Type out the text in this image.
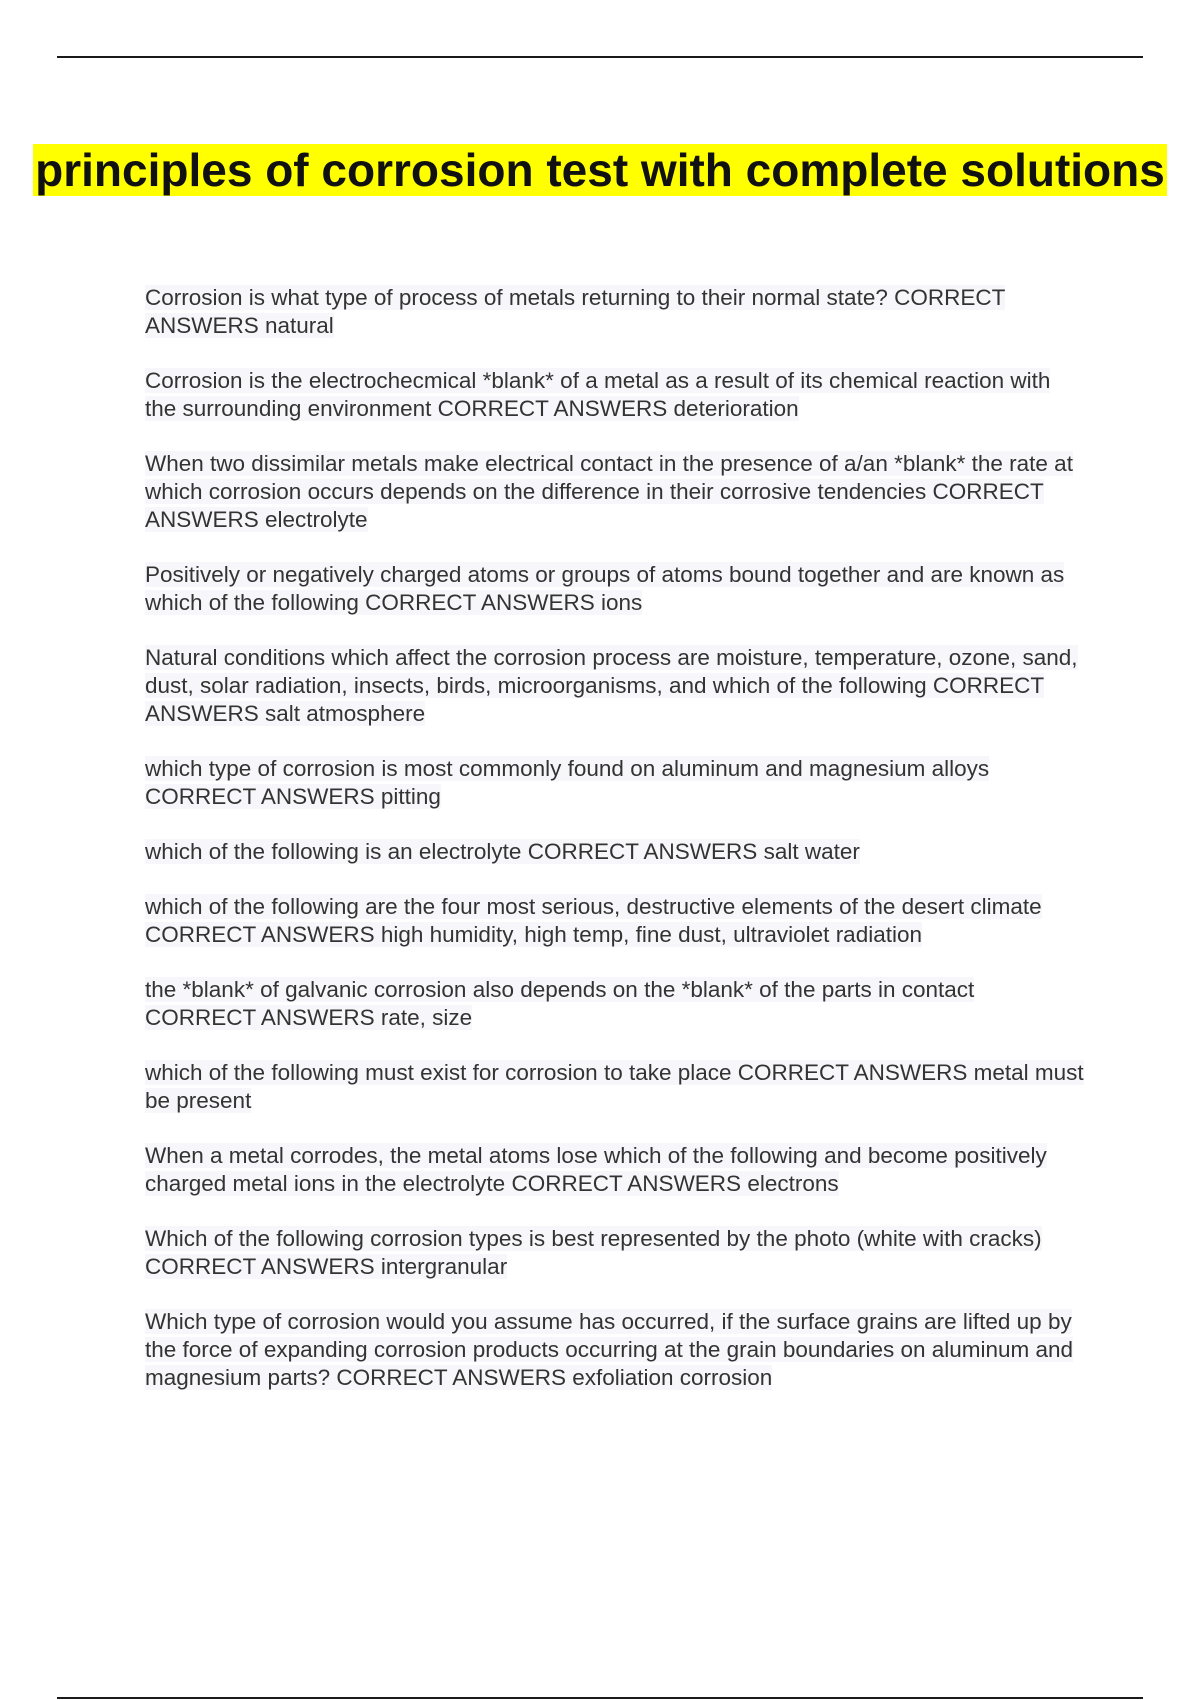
principles of corrosion test with complete solutions
Corrosion is what type of process of metals returning to their normal state? CORRECT ANSWERS natural
Corrosion is the electrochecmical *blank* of a metal as a result of its chemical reaction with the surrounding environment CORRECT ANSWERS deterioration
When two dissimilar metals make electrical contact in the presence of a/an *blank* the rate at which corrosion occurs depends on the difference in their corrosive tendencies CORRECT ANSWERS electrolyte
Positively or negatively charged atoms or groups of atoms bound together and are known as which of the following CORRECT ANSWERS ions
Natural conditions which affect the corrosion process are moisture, temperature, ozone, sand, dust, solar radiation, insects, birds, microorganisms, and which of the following CORRECT ANSWERS salt atmosphere
which type of corrosion is most commonly found on aluminum and magnesium alloys CORRECT ANSWERS pitting
which of the following is an electrolyte CORRECT ANSWERS salt water
which of the following are the four most serious, destructive elements of the desert climate CORRECT ANSWERS high humidity, high temp, fine dust, ultraviolet radiation
the *blank* of galvanic corrosion also depends on the *blank* of the parts in contact CORRECT ANSWERS rate, size
which of the following must exist for corrosion to take place CORRECT ANSWERS metal must be present
When a metal corrodes, the metal atoms lose which of the following and become positively charged metal ions in the electrolyte CORRECT ANSWERS electrons
Which of the following corrosion types is best represented by the photo (white with cracks) CORRECT ANSWERS intergranular
Which type of corrosion would you assume has occurred, if the surface grains are lifted up by the force of expanding corrosion products occurring at the grain boundaries on aluminum and magnesium parts? CORRECT ANSWERS exfoliation corrosion
